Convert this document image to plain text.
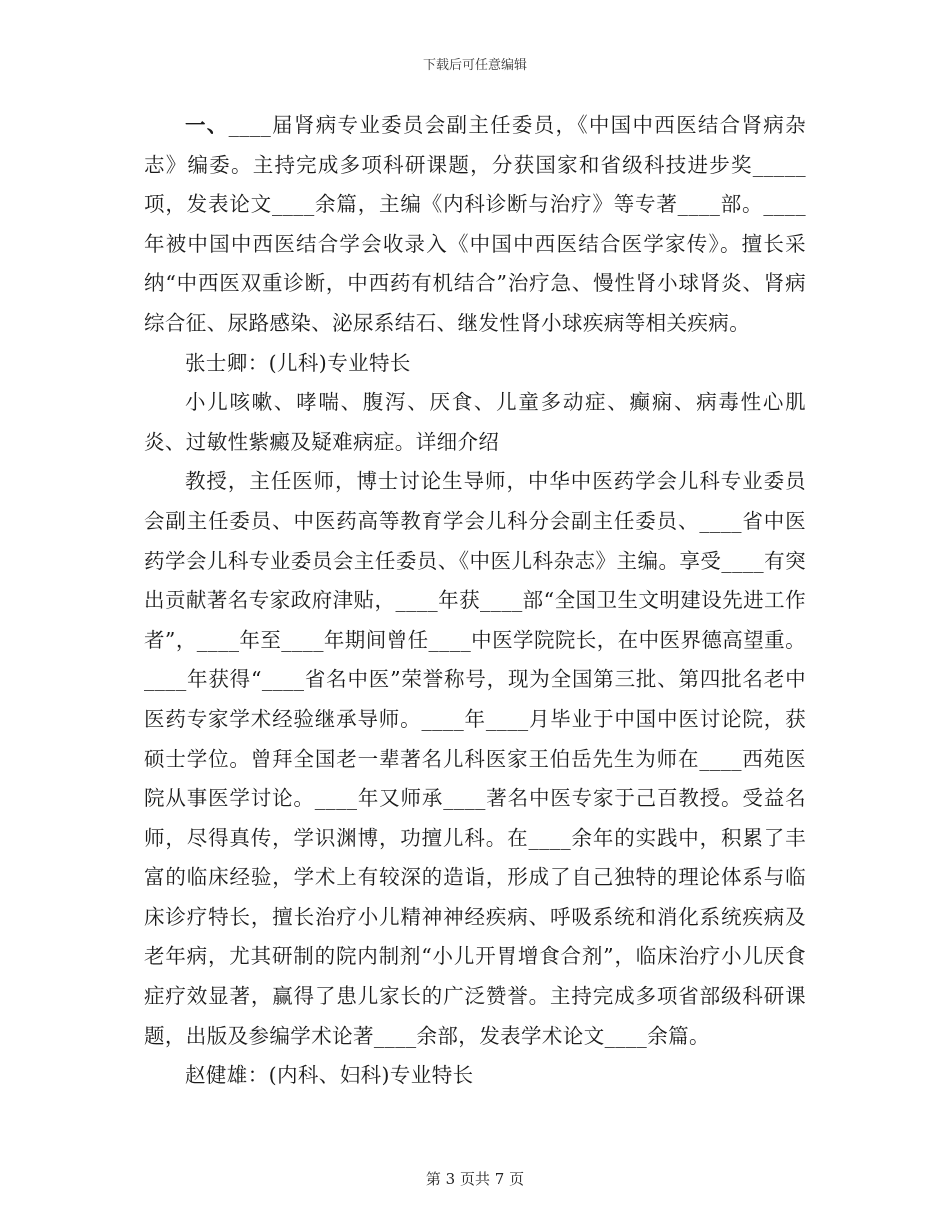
下载后可任意编辑

一、____届肾病专业委员会副主任委员，《中国中西医结合肾病杂志》编委。主持完成多项科研课题，分获国家和省级科技进步奖_____项，发表论文____余篇，主编《内科诊断与治疗》等专著____部。____年被中国中西医结合学会收录入《中国中西医结合医学家传》。擅长采纳“中西医双重诊断，中西药有机结合”治疗急、慢性肾小球肾炎、肾病综合征、尿路感染、泌尿系结石、继发性肾小球疾病等相关疾病。

张士卿：(儿科)专业特长

小儿咳嗽、哮喘、腹泻、厌食、儿童多动症、癫痫、病毒性心肌炎、过敏性紫癜及疑难病症。详细介绍

教授，主任医师，博士讨论生导师，中华中医药学会儿科专业委员会副主任委员、中医药高等教育学会儿科分会副主任委员、____省中医药学会儿科专业委员会主任委员、《中医儿科杂志》主编。享受____有突出贡献著名专家政府津贴，____年获____部“全国卫生文明建设先进工作者”，____年至____年期间曾任____中医学院院长，在中医界德高望重。____年获得“____省名中医”荣誉称号，现为全国第三批、第四批名老中医药专家学术经验继承导师。____年____月毕业于中国中医讨论院，获硕士学位。曾拜全国老一辈著名儿科医家王伯岳先生为师在____西苑医院从事医学讨论。____年又师承____著名中医专家于己百教授。受益名师，尽得真传，学识渊博，功擅儿科。在____余年的实践中，积累了丰富的临床经验，学术上有较深的造诣，形成了自己独特的理论体系与临床诊疗特长，擅长治疗小儿精神神经疾病、呼吸系统和消化系统疾病及老年病，尤其研制的院内制剂“小儿开胃增食合剂”，临床治疗小儿厌食症疗效显著，赢得了患儿家长的广泛赞誉。主持完成多项省部级科研课题，出版及参编学术论著____余部，发表学术论文____余篇。

赵健雄：(内科、妇科)专业特长

第 3 页共 7 页
